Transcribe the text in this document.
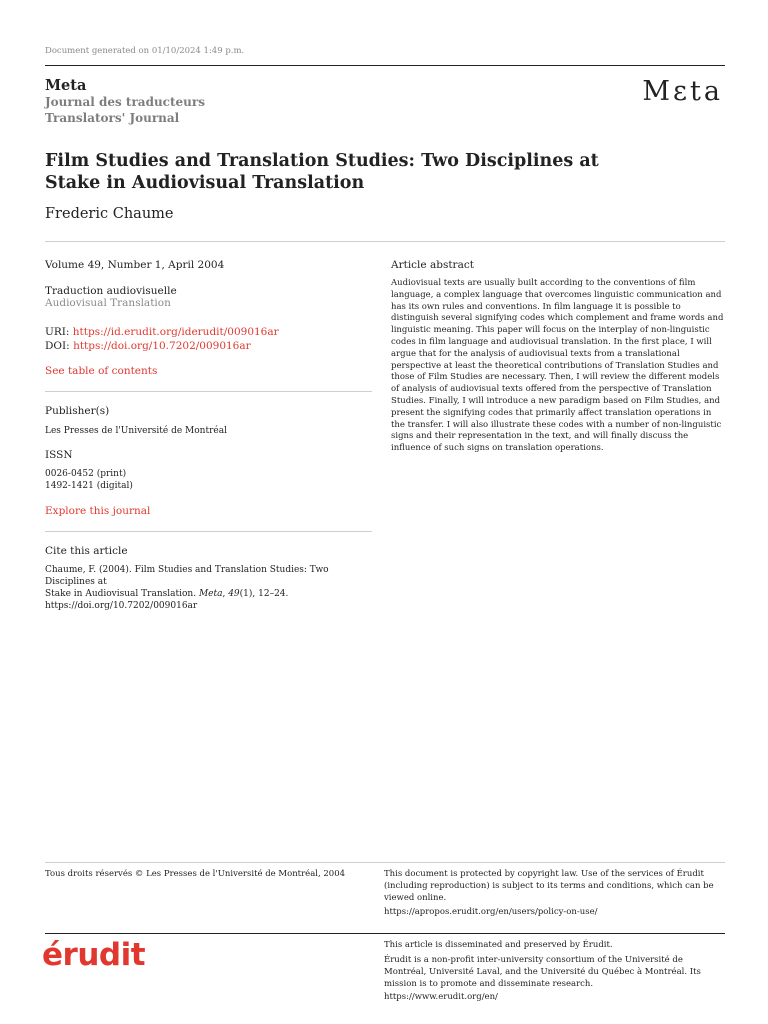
Document generated on 01/10/2024 1:49 p.m.
Meta
Journal des traducteurs
Translators' Journal
Mεta
Film Studies and Translation Studies: Two Disciplines at Stake in Audiovisual Translation
Frederic Chaume
Volume 49, Number 1, April 2004
Traduction audiovisuelle
Audiovisual Translation
URI: https://id.erudit.org/iderudit/009016ar
DOI: https://doi.org/10.7202/009016ar
See table of contents
Publisher(s)
Les Presses de l'Université de Montréal
ISSN
0026-0452 (print)
1492-1421 (digital)
Explore this journal
Cite this article
Chaume, F. (2004). Film Studies and Translation Studies: Two Disciplines at
Stake in Audiovisual Translation. Meta, 49(1), 12–24.
https://doi.org/10.7202/009016ar
Article abstract
Audiovisual texts are usually built according to the conventions of film language, a complex language that overcomes linguistic communication and has its own rules and conventions. In film language it is possible to distinguish several signifying codes which complement and frame words and linguistic meaning. This paper will focus on the interplay of non-linguistic codes in film language and audiovisual translation. In the first place, I will argue that for the analysis of audiovisual texts from a translational perspective at least the theoretical contributions of Translation Studies and those of Film Studies are necessary. Then, I will review the different models of analysis of audiovisual texts offered from the perspective of Translation Studies. Finally, I will introduce a new paradigm based on Film Studies, and present the signifying codes that primarily affect translation operations in the transfer. I will also illustrate these codes with a number of non-linguistic signs and their representation in the text, and will finally discuss the influence of such signs on translation operations.
Tous droits réservés © Les Presses de l'Université de Montréal, 2004	This document is protected by copyright law. Use of the services of Érudit (including reproduction) is subject to its terms and conditions, which can be viewed online.
https://apropos.erudit.org/en/users/policy-on-use/
érudit	This article is disseminated and preserved by Érudit.
Érudit is a non-profit inter-university consortium of the Université de Montréal, Université Laval, and the Université du Québec à Montréal. Its mission is to promote and disseminate research.
https://www.erudit.org/en/
